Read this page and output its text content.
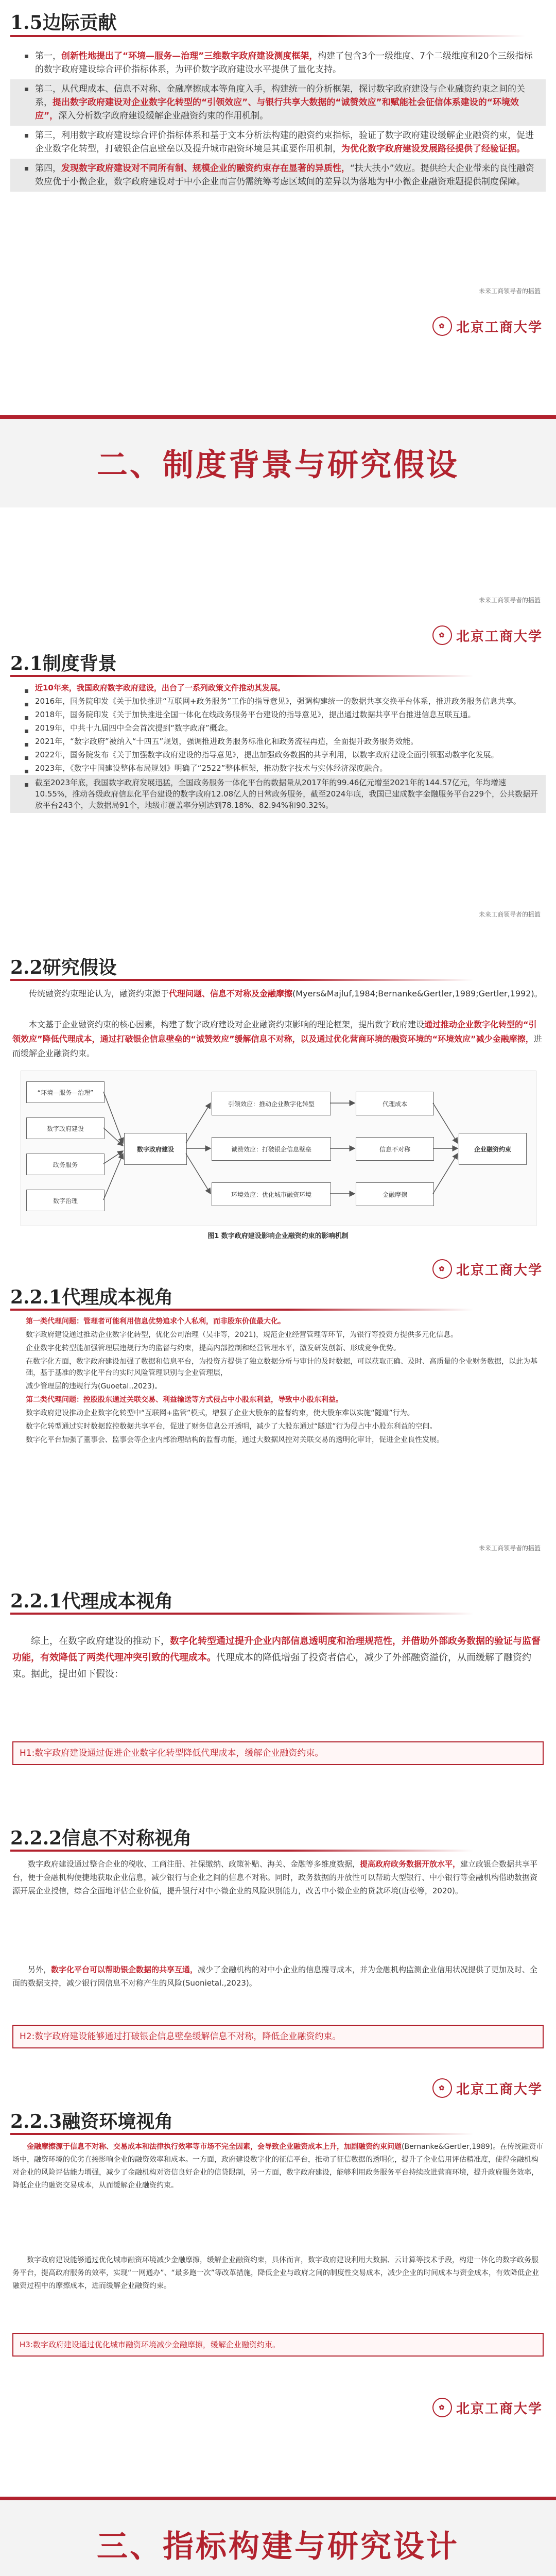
1.5边际贡献
第一，创新性地提出了“环境—服务—治理”三维数字政府建设测度框架，构建了包含3个一级维度、7个二级维度和20个三级指标的数字政府建设综合评价指标体系，为评价数字政府建设水平提供了量化支持。
第二，从代理成本、信息不对称、金融摩擦成本等角度入手，构建统一的分析框架，探讨数字政府建设与企业融资约束之间的关系，提出数字政府建设对企业数字化转型的“引领效应”、与银行共享大数据的“诚赞效应”和赋能社会征信体系建设的“环境效应”，深入分析数字政府建设缓解企业融资约束的作用机制。
第三，利用数字政府建设综合评价指标体系和基于文本分析法构建的融资约束指标，验证了数字政府建设缓解企业融资约束，促进企业数字化转型，打破银企信息壁垒以及提升城市融资环境是其重要作用机制，为优化数字政府建设发展路径提供了经验证据。
第四，发现数字政府建设对不同所有制、规模企业的融资约束存在显著的异质性，“扶大扶小”效应。提供给大企业带来的良性融资效应优于小微企业，数字政府建设对于中小企业而言仍需统筹考虑区域间的差异以为落地为中小微企业融资难题提供制度保障。
未来工商领导者的摇篮
✿ 北京工商大学
二、制度背景与研究假设
未来工商领导者的摇篮
✿ 北京工商大学
2.1制度背景
近10年来，我国政府数字政府建设，出台了一系列政策文件推动其发展。
2016年，国务院印发《关于加快推进“互联网+政务服务”工作的指导意见》，强调构建统一的数据共享交换平台体系，推进政务服务信息共享。
2018年，国务院印发《关于加快推进全国一体化在线政务服务平台建设的指导意见》，提出通过数据共享平台推进信息互联互通。
2019年，中共十九届四中全会首次提到“数字政府”概念。
2021年，“数字政府”被纳入“十四五”规划，强调推进政务服务标准化和政务流程再造，全面提升政务服务效能。
2022年，国务院发布《关于加强数字政府建设的指导意见》，提出加强政务数据的共享利用，以数字政府建设全面引领驱动数字化发展。
2023年，《数字中国建设整体布局规划》明确了“2522”整体框架，推动数字技术与实体经济深度融合。
截至2023年底，我国数字政府发展迅猛，全国政务服务一体化平台的数据量从2017年的99.46亿元增至2021年的144.57亿元，年均增速10.55%，推动各级政府信息化平台建设的数字政府12.08亿人的日常政务服务，截至2024年底，我国已建成数字金融服务平台229个，公共数据开放平台243个，大数据局91个，地级市覆盖率分别达到78.18%、82.94%和90.32%。
未来工商领导者的摇篮
2.2研究假设
传统融资约束理论认为，融资约束源于代理问题、信息不对称及金融摩擦(Myers&Majluf,1984;Bernanke&Gertler,1989;Gertler,1992)。
本文基于企业融资约束的核心因素，构建了数字政府建设对企业融资约束影响的理论框架，提出数字政府建设通过推动企业数字化转型的“引领效应”降低代理成本，通过打破银企信息壁垒的“诚赞效应”缓解信息不对称，以及通过优化营商环境的融资环境的“环境效应”减少金融摩擦，进而缓解企业融资约束。
“环境—服务—治理”
数字政府建设
政务服务
数字治理
数字政府建设
引领效应：推动企业数字化转型
诚赞效应：打破银企信息壁垒
环境效应：优化城市融资环境
代理成本
信息不对称
金融摩擦
企业融资约束
图1 数字政府建设影响企业融资约束的影响机制
✿ 北京工商大学
2.2.1代理成本视角
第一类代理问题：管理者可能利用信息优势追求个人私利，而非股东价值最大化。
数字政府建设通过推动企业数字化转型，优化公司治理（吴非等，2021)，规范企业经营管理等环节，为银行等投资方提供多元化信息。
企业数字化转型能加强管理层违规行为的监督与约束，提高内部控制和经营管理水平，激发研发创新、形成竞争优势。
在数字化方面，数字政府建设加强了数据和信息平台，为投资方提供了独立数据分析与审计的及时数据，可以获取正确、及时、高质量的企业财务数据，以此为基础，基于基准的数字化平台的实时风险管理识别与企业管理层，
减少管理层的违规行为(Guoetal.,2023)。
第二类代理问题：控股股东通过关联交易、利益输送等方式侵占中小股东利益，导致中小股东利益。
数字政府建设推动企业数字化转型中“互联网+监管”模式，增强了企业大股东的监督约束，使大股东难以实施“隧道”行为。
数字化转型通过实时数据监控数据共享平台，促进了财务信息公开透明，减少了大股东通过“隧道”行为侵占中小股东利益的空间。
数字化平台加强了董事会、监事会等企业内部治理结构的监督功能，通过大数据风控对关联交易的透明化审计，促进企业良性发展。
未来工商领导者的摇篮
2.2.1代理成本视角
综上，在数字政府建设的推动下，数字化转型通过提升企业内部信息透明度和治理规范性，并借助外部政务数据的验证与监督功能，有效降低了两类代理冲突引致的代理成本。代理成本的降低增强了投资者信心，减少了外部融资溢价，从而缓解了融资约束。据此，提出如下假设：
H1:数字政府建设通过促进企业数字化转型降低代理成本，缓解企业融资约束。
2.2.2信息不对称视角
数字政府建设通过整合企业的税收、工商注册、社保缴纳、政策补贴、海关、金融等多维度数据，提高政府政务数据开放水平，建立政银企数据共享平台，便于金融机构便捷地获取企业信息，减少银行与企业之间的信息不对称。同时，政务数据的开放性可以帮助大型银行、中小银行等金融机构借助数据资源开展企业授信，综合全面地评估企业价值，提升银行对中小微企业的风险识别能力，改善中小微企业的贷款环境(唐松等，2020)。
另外，数字化平台可以帮助银企数据的共享互通，减少了金融机构的对中小企业的信息搜寻成本，并为金融机构监测企业信用状况提供了更加及时、全面的数据支持，减少银行因信息不对称产生的风险(Suonietal.,2023)。
H2:数字政府建设能够通过打破银企信息壁垒缓解信息不对称，降低企业融资约束。
✿ 北京工商大学
2.2.3融资环境视角
金融摩擦源于信息不对称、交易成本和法律执行效率等市场不完全因素，会导致企业融资成本上升，加剧融资约束问题(Bernanke&Gertler,1989)。在传统融资市场中，融资环境的优劣直接影响企业的融资效率和成本。一方面，政府建设数字化的征信平台，推动了征信数据的透明化，提升了企业信用评估精准度，使得金融机构对企业的风险评估能力增强，减少了金融机构对资信良好企业的信贷限制，另一方面，数字政府建设，能够利用政务服务平台持续改进营商环境，提升政府服务效率，降低企业的融资交易成本，从而缓解企业融资约束。
数字政府建设能够通过优化城市融资环境减少金融摩擦，缓解企业融资约束，具体而言，数字政府建设利用大数据、云计算等技术手段，构建一体化的数字政务服务平台，提高政府服务的效率，实现“一网通办”、“最多跑一次”等改革措施，降低企业与政府之间的制度性交易成本，减少企业的时间成本与资金成本，有效降低企业融资过程中的摩擦成本，进而缓解企业融资约束。
H3:数字政府建设通过优化城市融资环境减少金融摩擦，缓解企业融资约束。
✿ 北京工商大学
三、指标构建与研究设计
